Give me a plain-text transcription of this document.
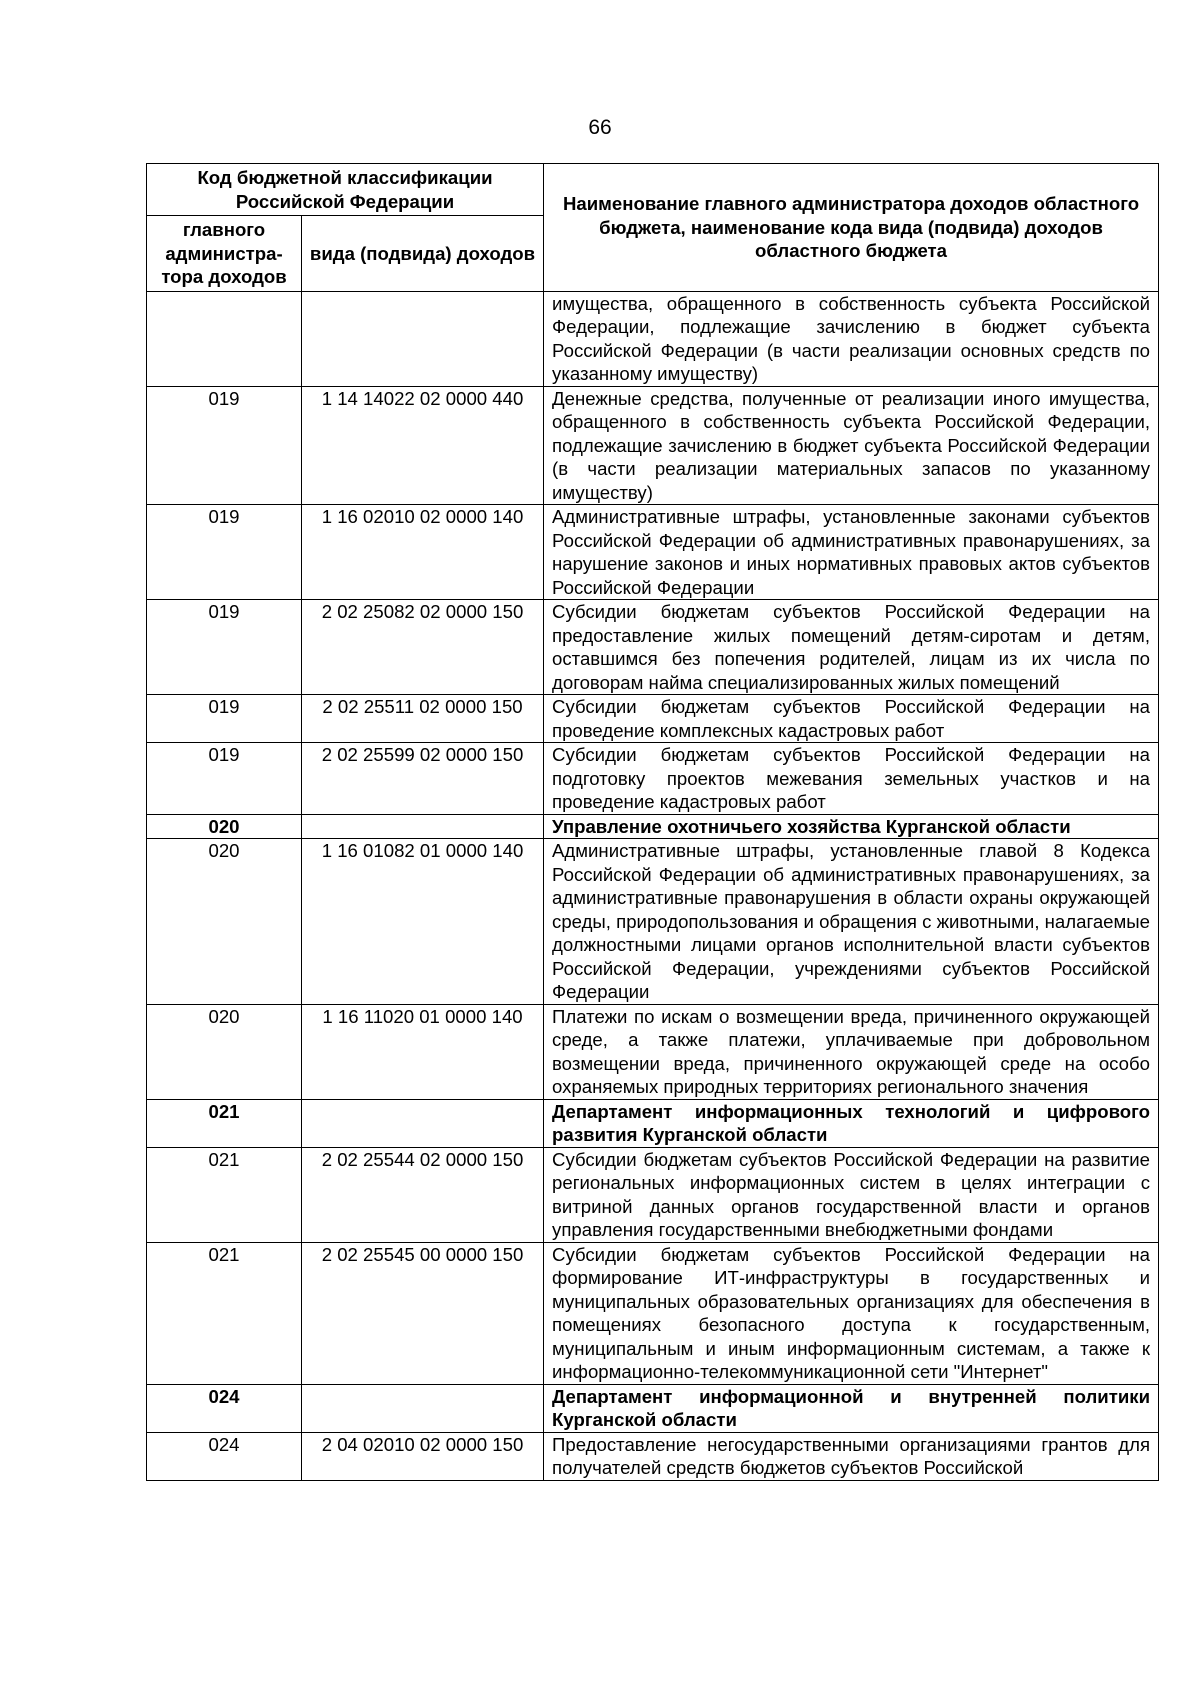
66
Код бюджетной классификации Российской Федерации		Наименование главного администратора доходов областного бюджета, наименование кода вида (подвида) доходов областного бюджета
главного администра-тора доходов	вида (подвида) доходов	
		имущества, обращенного в собственность субъекта Российской Федерации, подлежащие зачислению в бюджет субъекта Российской Федерации (в части реализации основных средств по указанному имуществу)
019	1 14 14022 02 0000 440	Денежные средства, полученные от реализации иного имущества, обращенного в собственность субъекта Российской Федерации, подлежащие зачислению в бюджет субъекта Российской Федерации (в части реализации материальных запасов по указанному имуществу)
019	1 16 02010 02 0000 140	Административные штрафы, установленные законами субъектов Российской Федерации об административных правонарушениях, за нарушение законов и иных нормативных правовых актов субъектов Российской Федерации
019	2 02 25082 02 0000 150	Субсидии бюджетам субъектов Российской Федерации на предоставление жилых помещений детям-сиротам и детям, оставшимся без попечения родителей, лицам из их числа по договорам найма специализированных жилых помещений
019	2 02 25511 02 0000 150	Субсидии бюджетам субъектов Российской Федерации на проведение комплексных кадастровых работ
019	2 02 25599 02 0000 150	Субсидии бюджетам субъектов Российской Федерации на подготовку проектов межевания земельных участков и на проведение кадастровых работ
020		Управление охотничьего хозяйства Курганской области
020	1 16 01082 01 0000 140	Административные штрафы, установленные главой 8 Кодекса Российской Федерации об административных правонарушениях, за административные правонарушения в области охраны окружающей среды, природопользования и обращения с животными, налагаемые должностными лицами органов исполнительной власти субъектов Российской Федерации, учреждениями субъектов Российской Федерации
020	1 16 11020 01 0000 140	Платежи по искам о возмещении вреда, причиненного окружающей среде, а также платежи, уплачиваемые при добровольном возмещении вреда, причиненного окружающей среде на особо охраняемых природных территориях регионального значения
021		Департамент информационных технологий и цифрового развития Курганской области
021	2 02 25544 02 0000 150	Субсидии бюджетам субъектов Российской Федерации на развитие региональных информационных систем в целях интеграции с витриной данных органов государственной власти и органов управления государственными внебюджетными фондами
021	2 02 25545 00 0000 150	Субсидии бюджетам субъектов Российской Федерации на формирование ИТ-инфраструктуры в государственных и муниципальных образовательных организациях для обеспечения в помещениях безопасного доступа к государственным, муниципальным и иным информационным системам, а также к информационно-телекоммуникационной сети "Интернет"
024		Департамент информационной и внутренней политики Курганской области
024	2 04 02010 02 0000 150	Предоставление негосударственными организациями грантов для получателей средств бюджетов субъектов Российской
